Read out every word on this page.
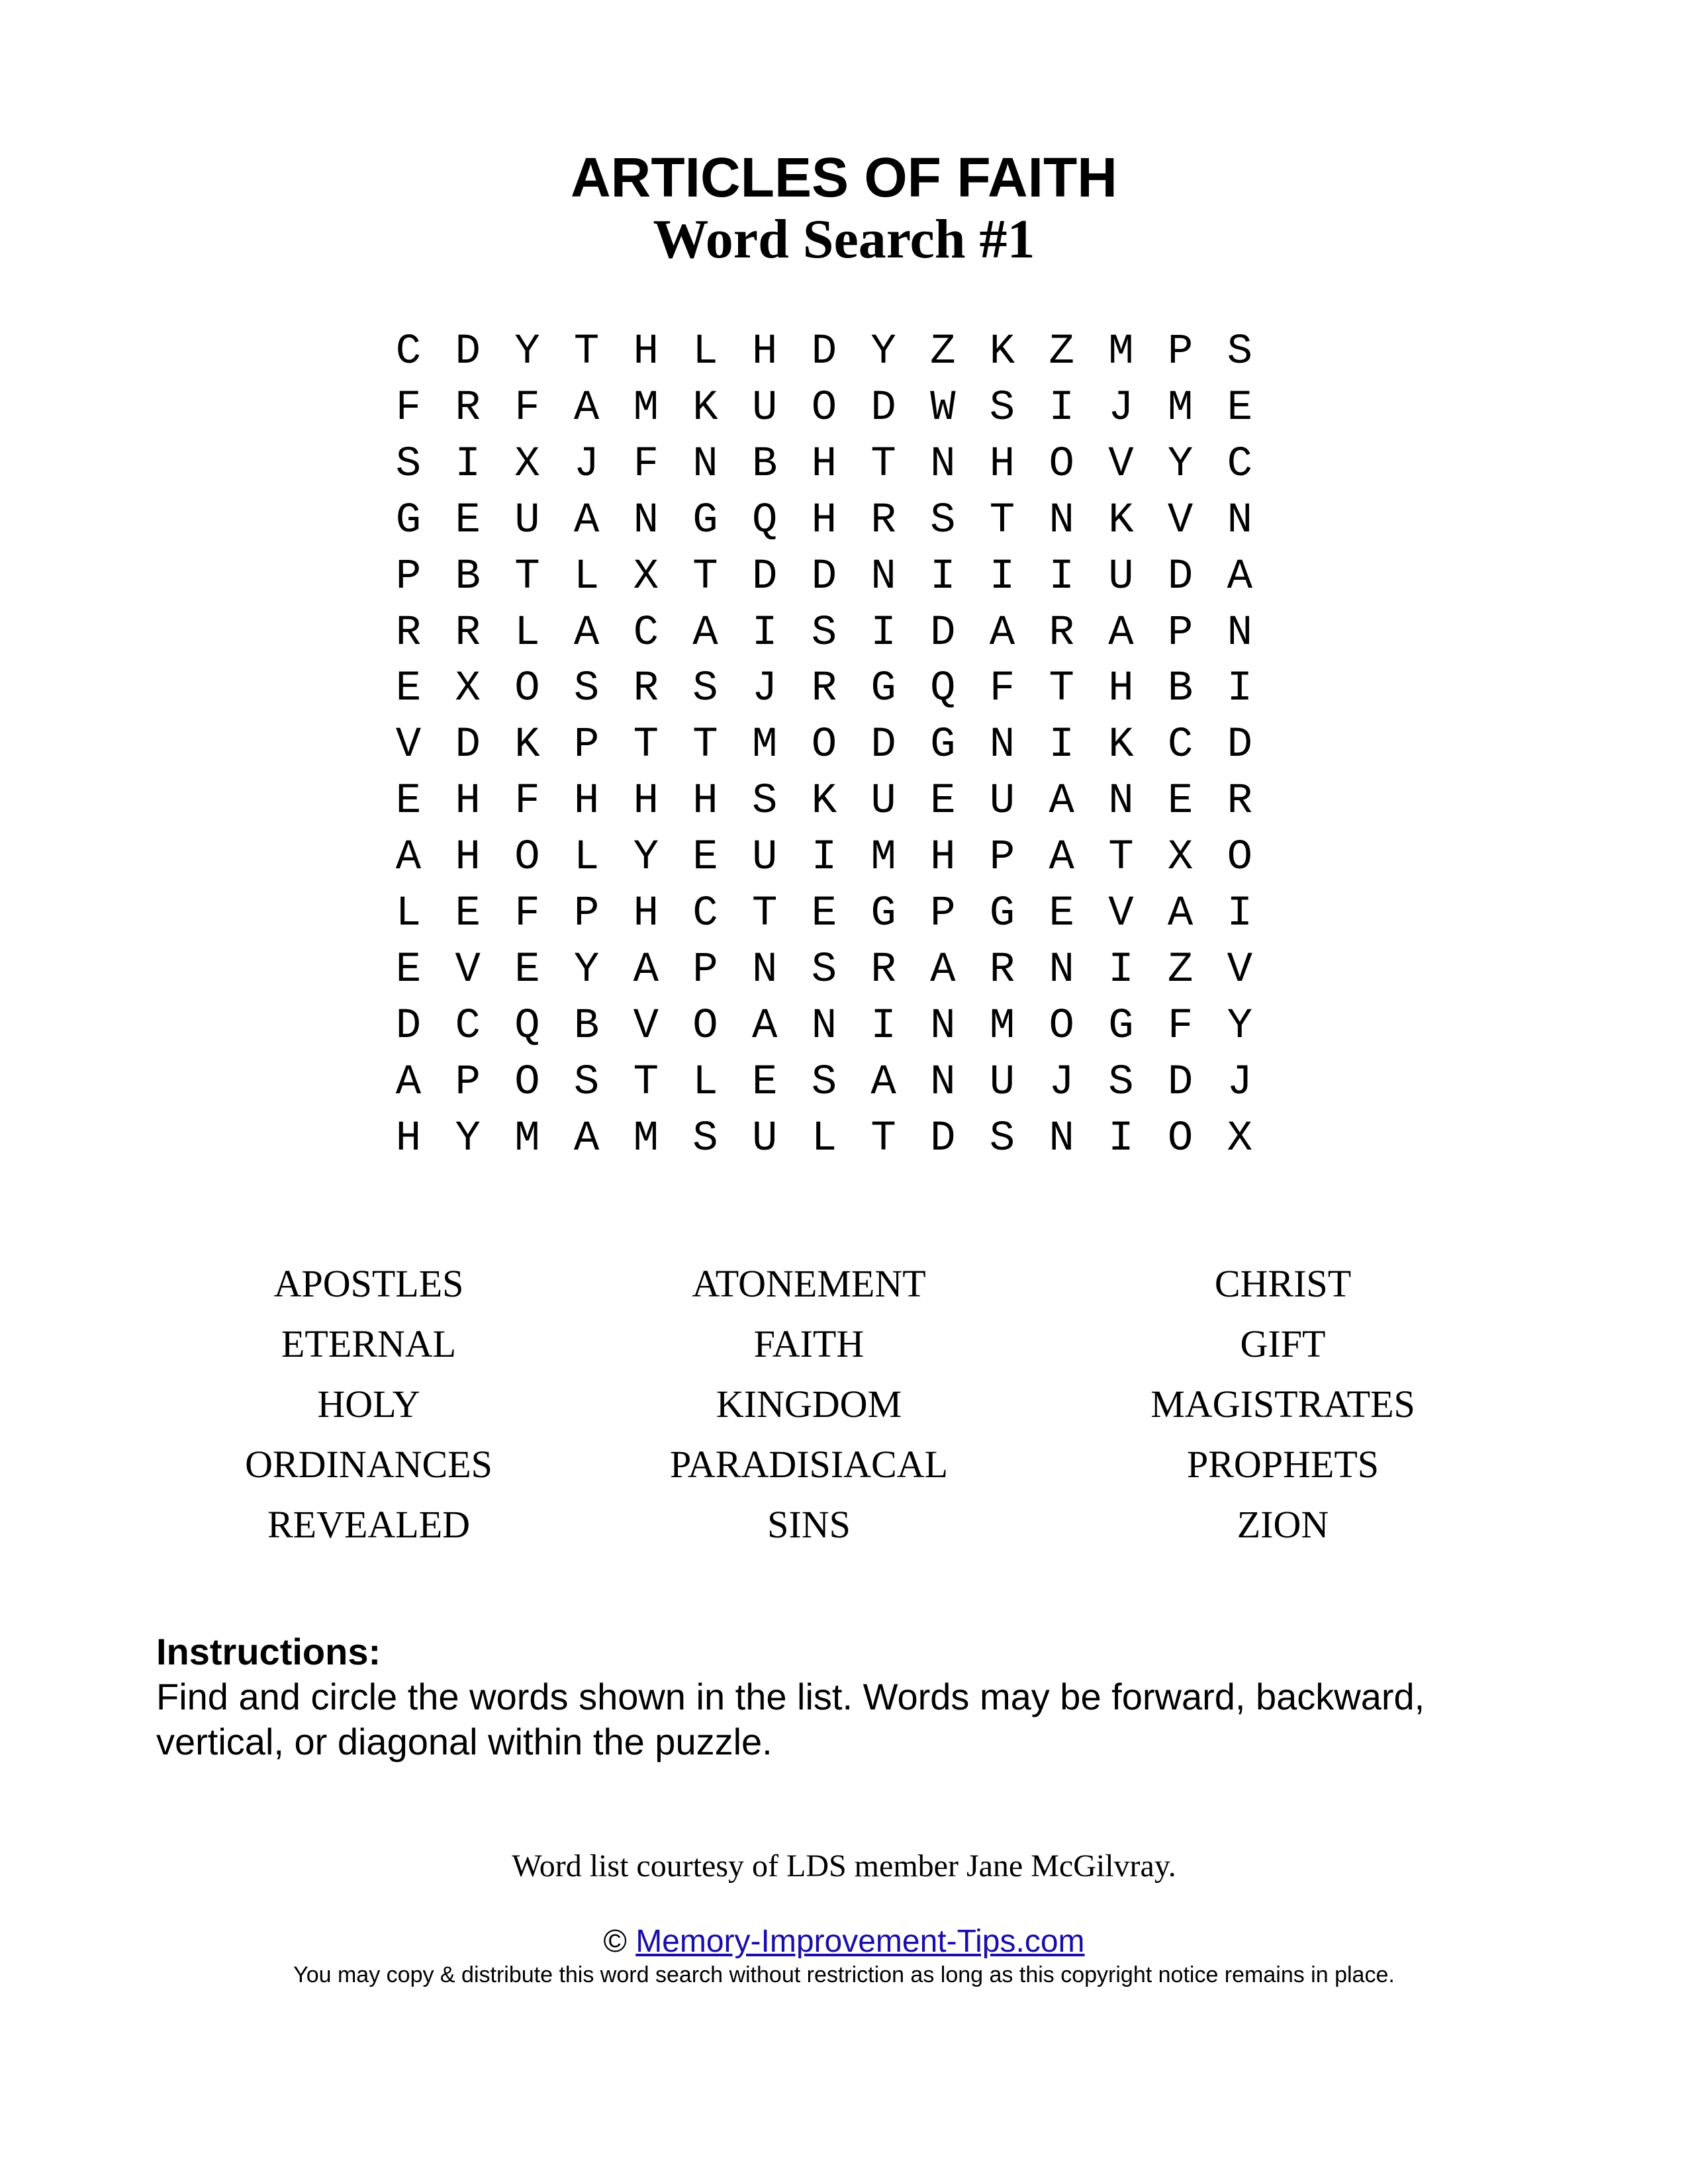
ARTICLES OF FAITH
Word Search #1
C D Y T H L H D Y Z K Z M P S
F R F A M K U O D W S I J M E
S I X J F N B H T N H O V Y C
G E U A N G Q H R S T N K V N
P B T L X T D D N I I I U D A
R R L A C A I S I D A R A P N
E X O S R S J R G Q F T H B I
V D K P T T M O D G N I K C D
E H F H H H S K U E U A N E R
A H O L Y E U I M H P A T X O
L E F P H C T E G P G E V A I
E V E Y A P N S R A R N I Z V
D C Q B V O A N I N M O G F Y
A P O S T L E S A N U J S D J
H Y M A M S U L T D S N I O X
APOSTLES	ATONEMENT	CHRIST
ETERNAL	FAITH	GIFT
HOLY	KINGDOM	MAGISTRATES
ORDINANCES	PARADISIACAL	PROPHETS
REVEALED	SINS	ZION
Instructions:
Find and circle the words shown in the list. Words may be forward, backward, vertical, or diagonal within the puzzle.
Word list courtesy of LDS member Jane McGilvray.
© Memory-Improvement-Tips.com
You may copy & distribute this word search without restriction as long as this copyright notice remains in place.
